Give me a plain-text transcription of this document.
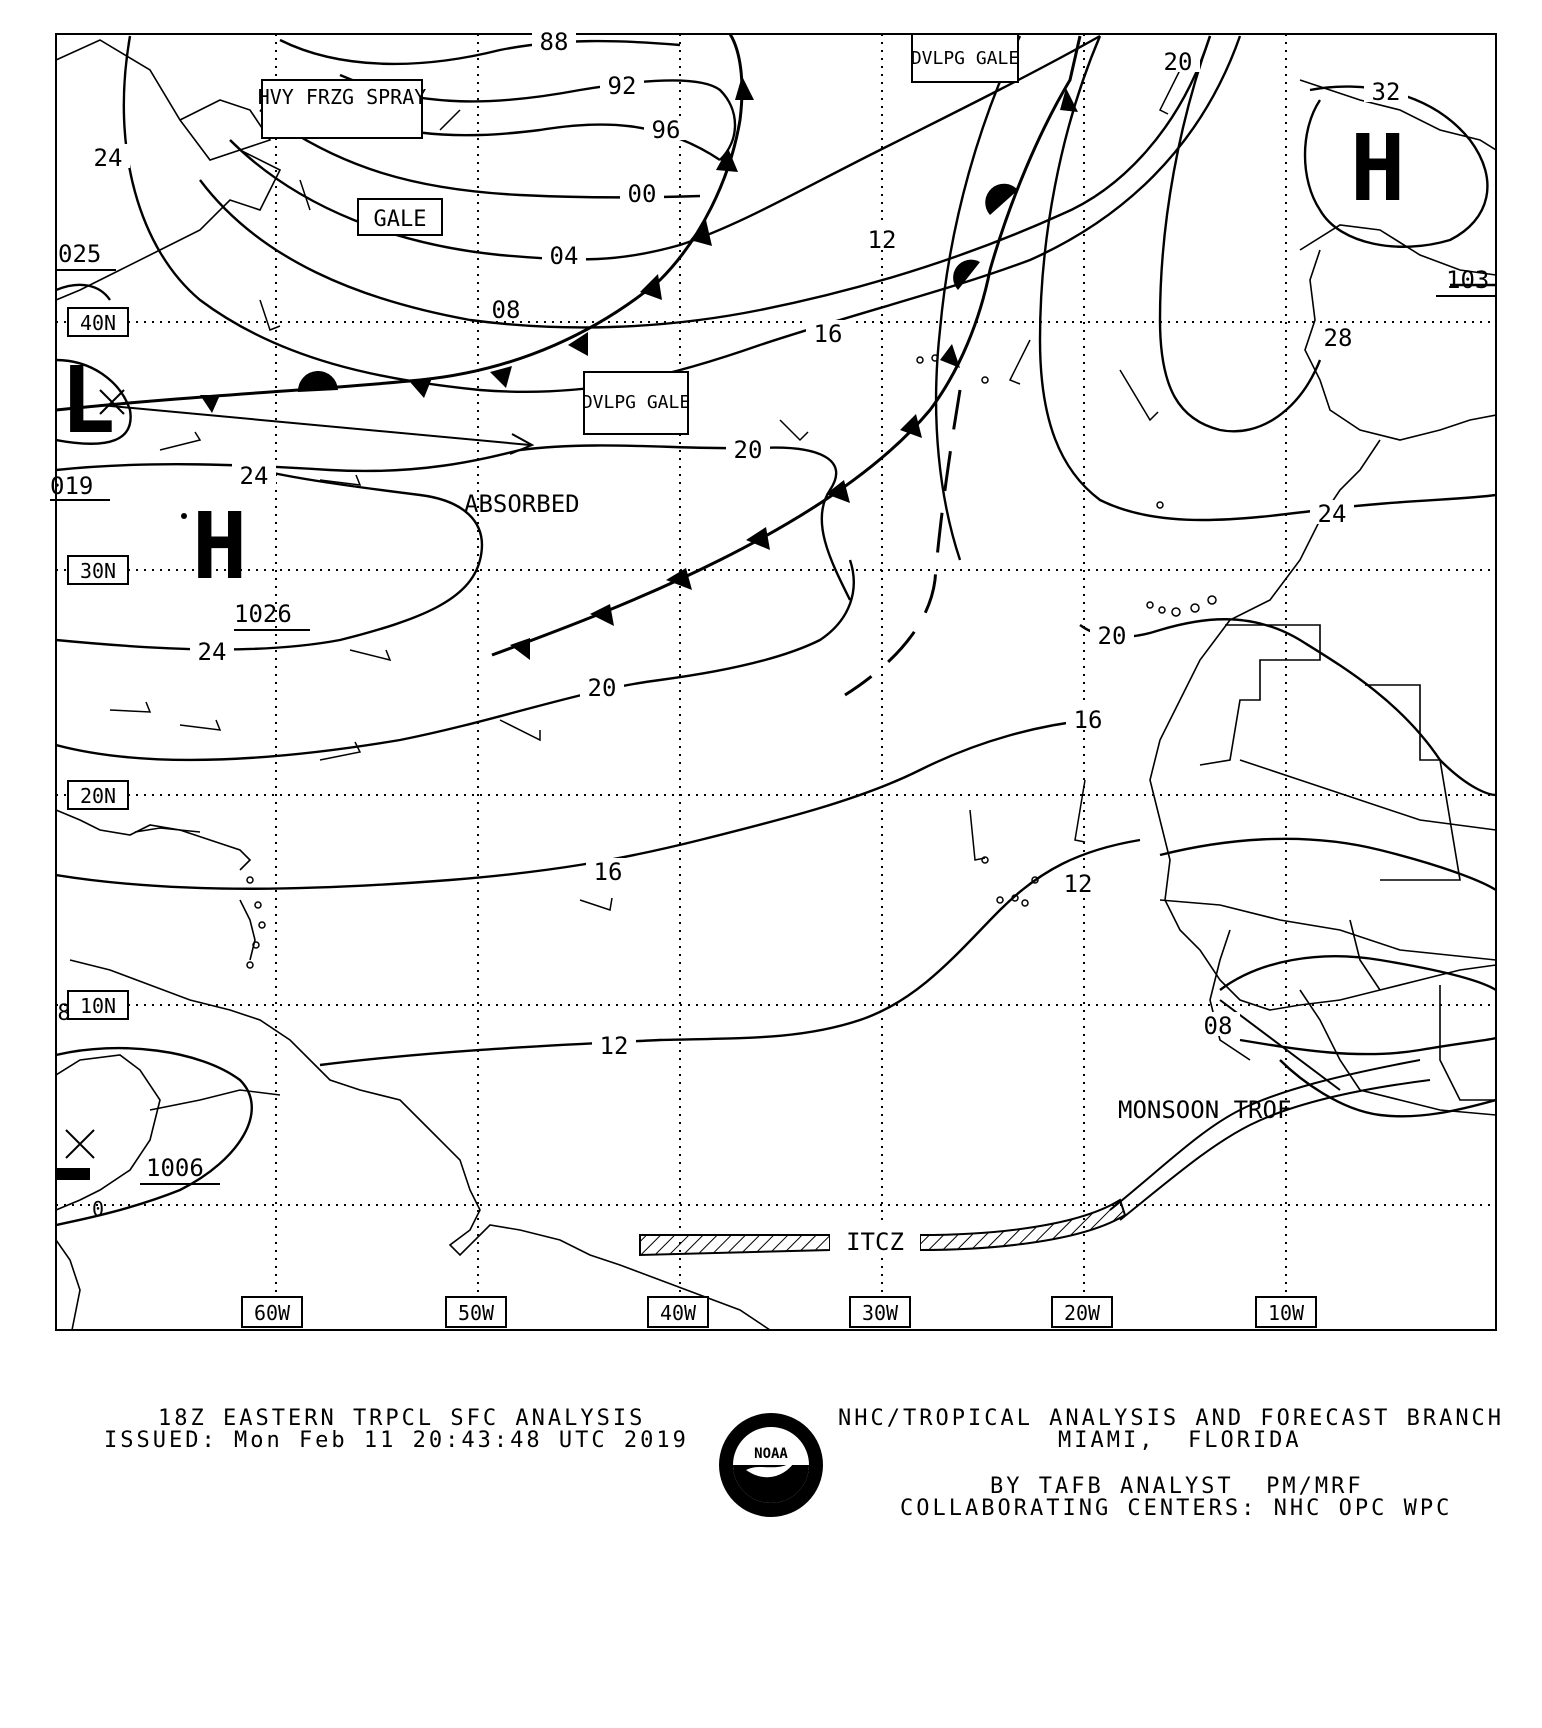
60W	50W	40W	30W	20W	10W
40N
30N
20N
10N
88
92
96
00
04
08
12
16
20
24
24
20
16
16	12
12
20
20
24
28
32
24
08
0
8
L
019
H
1026
H
103
025
1006
HVY FRZG SPRAY
GALE
DVLPG GALE
DVLPG GALE
ABSORBED
MONSOON TROF
ITCZ
18Z EASTERN TRPCL SFC ANALYSIS
ISSUED: Mon Feb 11 20:43:48 UTC 2019
NOAA
NHC/TROPICAL ANALYSIS AND FORECAST BRANCH
MIAMI,  FLORIDA
BY TAFB ANALYST  PM/MRF
COLLABORATING CENTERS: NHC OPC WPC
